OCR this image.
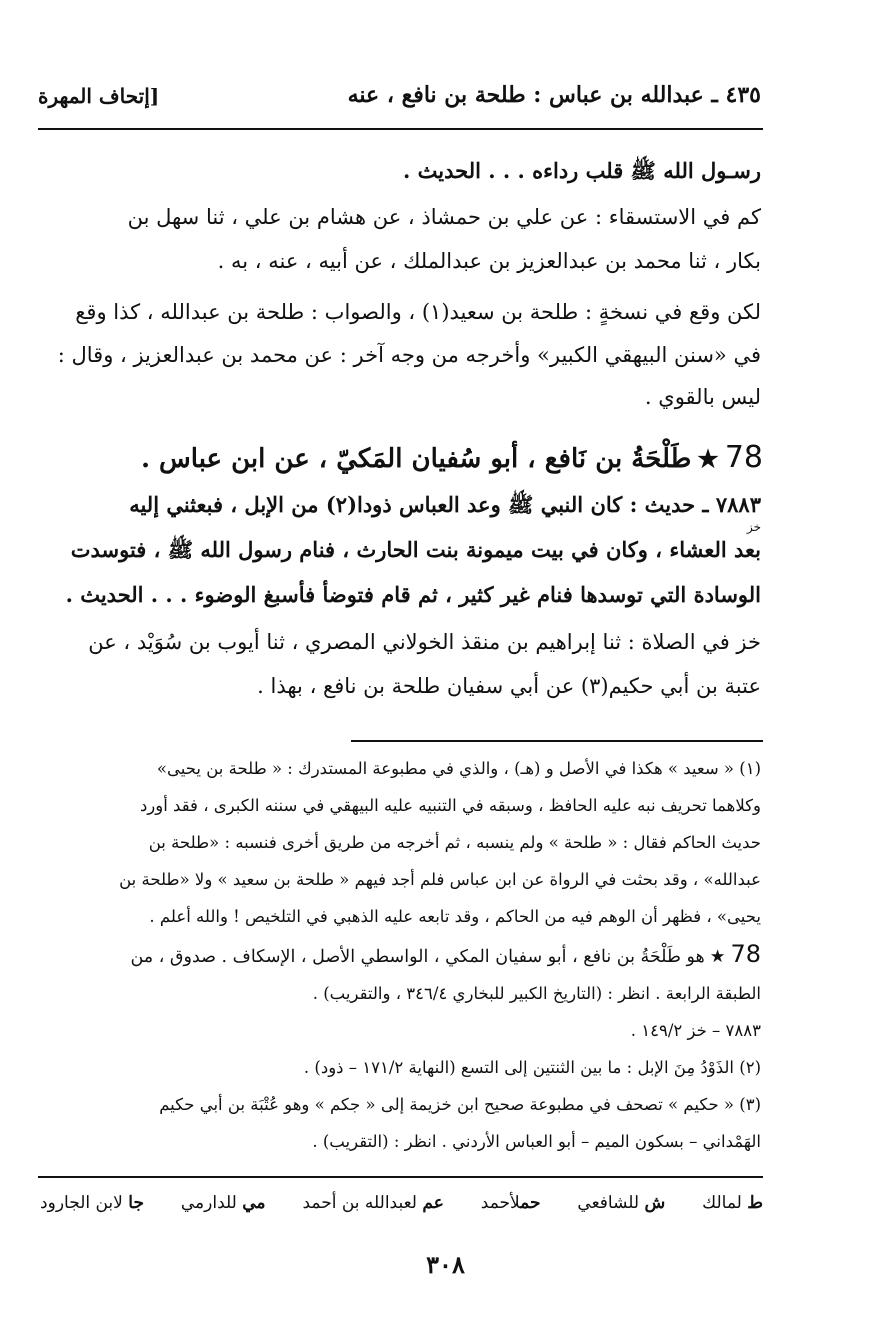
٤٣٥ ـ عبدالله بن عباس : طلحة بن نافع ، عنه
[إتحاف المهرة
رسـول الله ﷺ قلب رداءه . . . الحديث .
كم في الاستسقاء : عن علي بن حمشاذ ، عن هشام بن علي ، ثنا سهل بن
بكار ، ثنا محمد بن عبدالعزيز بن عبدالملك ، عن أبيه ، عنه ، به .
لكن وقع في نسخةٍ : طلحة بن سعيد(١) ، والصواب : طلحة بن عبدالله ، كذا وقع
في «سنن البيهقي الكبير» وأخرجه من وجه آخر : عن محمد بن عبدالعزيز ، وقال :
ليس بالقوي .
78★طَلْحَةُ بن نَافع ، أبو سُفيان المَكيّ ، عن ابن عباس .
٧٨٨٣ ـ حديث : كان النبي ﷺ وعد العباس ذودا(٢) من الإبل ، فبعثني إليه
خز
بعد العشاء ، وكان في بيت ميمونة بنت الحارث ، فنام رسول الله ﷺ ، فتوسدت
الوسادة التي توسدها فنام غير كثير ، ثم قام فتوضأ فأسبغ الوضوء . . . الحديث .
خز في الصلاة : ثنا إبراهيم بن منقذ الخولاني المصري ، ثنا أيوب بن سُوَيْد ، عن
عتبة بن أبي حكيم(٣) عن أبي سفيان طلحة بن نافع ، بهذا .
(١) « سعيد » هكذا في الأصل و (هـ) ، والذي في مطبوعة المستدرك : « طلحة بن يحيى»
وكلاهما تحريف نبه عليه الحافظ ، وسبقه في التنبيه عليه البيهقي في سننه الكبرى ، فقد أورد
حديث الحاكم فقال : « طلحة » ولم ينسبه ، ثم أخرجه من طريق أخرى فنسبه : «طلحة بن
عبدالله» ، وقد بحثت في الرواة عن ابن عباس فلم أجد فيهم « طلحة بن سعيد » ولا «طلحة بن
يحيى» ، فظهر أن الوهم فيه من الحاكم ، وقد تابعه عليه الذهبي في التلخيص ! والله أعلم .
78★هو طَلْحَةُ بن نافع ، أبو سفيان المكي ، الواسطي الأصل ، الإسكاف . صدوق ، من
الطبقة الرابعة . انظر : (التاريخ الكبير للبخاري ٣٤٦/٤ ، والتقريب) .
٧٨٨٣ – خز ١٤٩/٢ .
(٢) الذَوْدُ مِنَ الإبل : ما بين الثنتين إلى التسع (النهاية ١٧١/٢ – ذود) .
(٣) « حكيم » تصحف في مطبوعة صحيح ابن خزيمة إلى « جكم » وهو عُتْبَة بن أبي حكيم
الهَمْداني – بسكون الميم – أبو العباس الأردني . انظر : (التقريب) .
ط لمالك
ش للشافعي
حملأحمد
عم لعبدالله بن أحمد
مي للدارمي
جا لابن الجارود
٣٠٨
